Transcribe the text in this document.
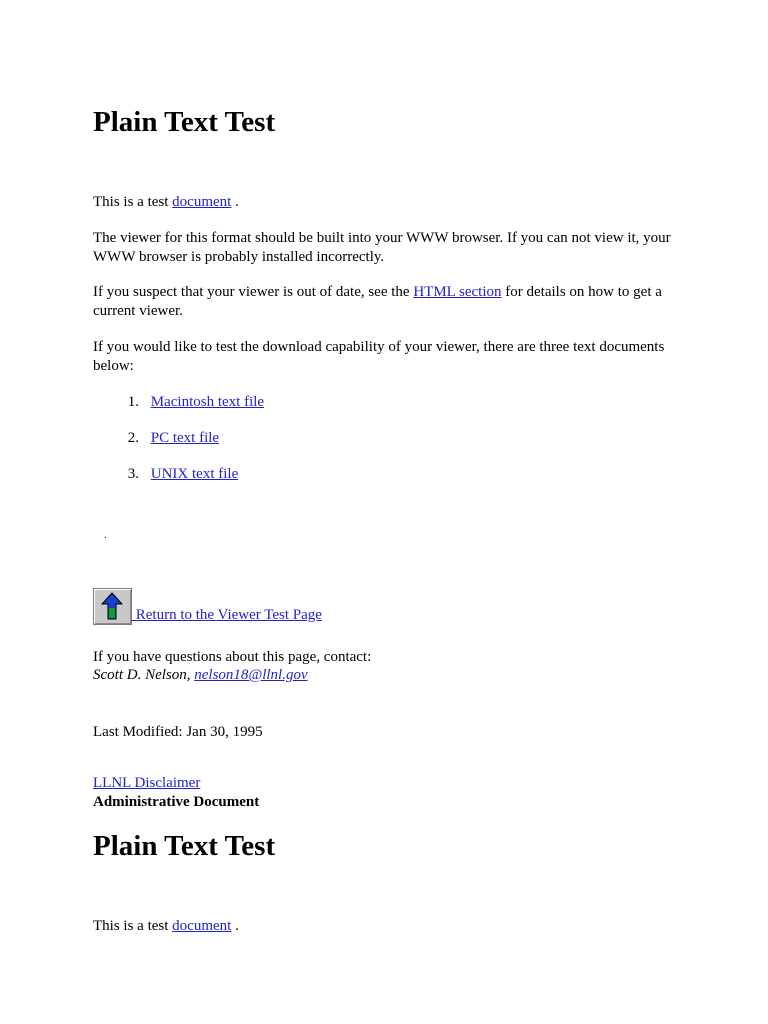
Plain Text Test

This is a test document .

The viewer for this format should be built into your WWW browser. If you can not view it, your WWW browser is probably installed incorrectly.

If you suspect that your viewer is out of date, see the HTML section for details on how to get a current viewer.

If you would like to test the download capability of your viewer, there are three text documents below:

1. Macintosh text file
2. PC text file
3. UNIX text file
.
Return to the Viewer Test Page

If you have questions about this page, contact:

Scott D. Nelson, nelson18@llnl.gov

Last Modified: Jan 30, 1995

LLNL Disclaimer

Administrative Document

Plain Text Test

This is a test document .
